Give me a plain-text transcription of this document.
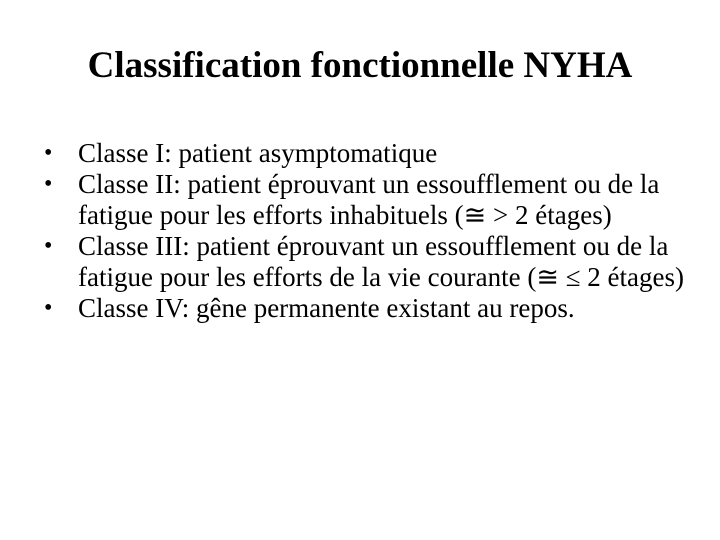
Classification fonctionnelle NYHA
• Classe I: patient asymptomatique
• Classe II: patient éprouvant un essoufflement ou de la fatigue pour les efforts inhabituels (≅ > 2 étages)
• Classe III: patient éprouvant un essoufflement ou de la fatigue pour les efforts de la vie courante (≅ ≤ 2 étages)
• Classe IV: gêne permanente existant au repos.
